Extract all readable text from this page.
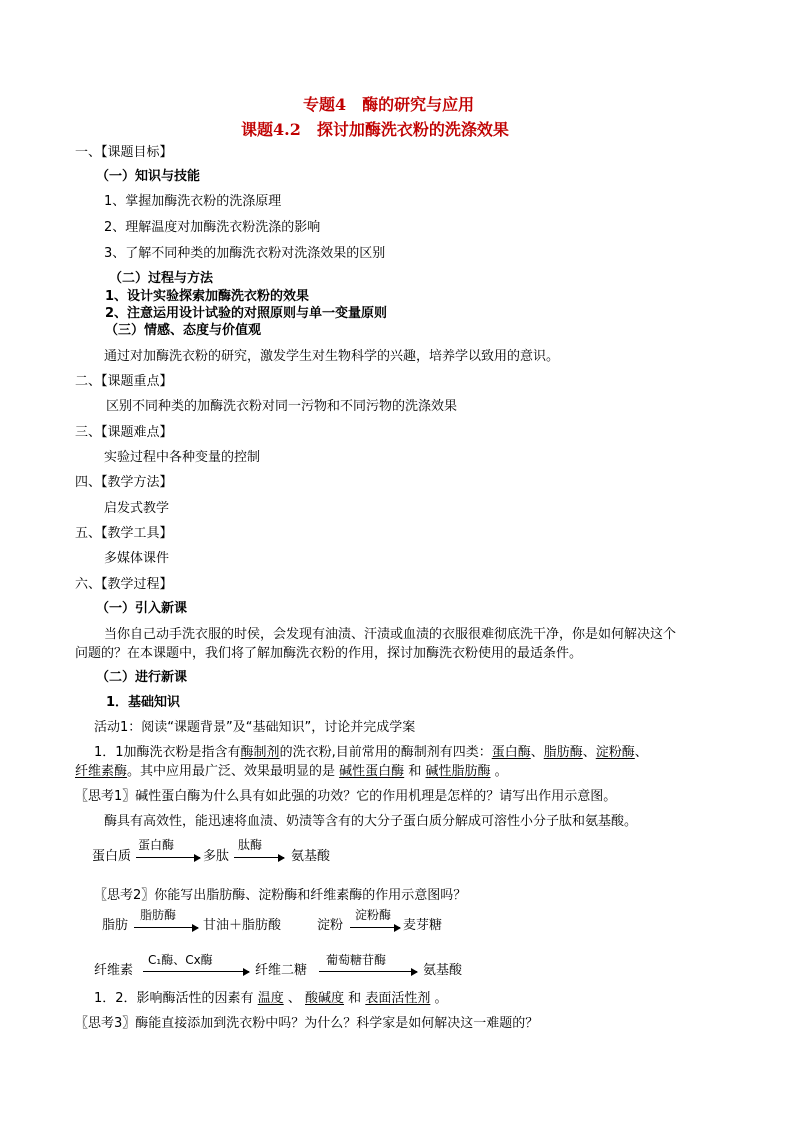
专题4　酶的研究与应用
课题4.2　探讨加酶洗衣粉的洗涤效果
一、【课题目标】
（一）知识与技能
1、掌握加酶洗衣粉的洗涤原理
2、理解温度对加酶洗衣粉洗涤的影响
3、了解不同种类的加酶洗衣粉对洗涤效果的区别
（二）过程与方法
1、设计实验探索加酶洗衣粉的效果
2、注意运用设计试验的对照原则与单一变量原则
（三）情感、态度与价值观
通过对加酶洗衣粉的研究，激发学生对生物科学的兴趣，培养学以致用的意识。
二、【课题重点】
区别不同种类的加酶洗衣粉对同一污物和不同污物的洗涤效果
三、【课题难点】
实验过程中各种变量的控制
四、【教学方法】
启发式教学
五、【教学工具】
多媒体课件
六、【教学过程】
（一）引入新课
当你自己动手洗衣服的时侯，会发现有油渍、汗渍或血渍的衣服很难彻底洗干净，你是如何解决这个
问题的？在本课题中，我们将了解加酶洗衣粉的作用，探讨加酶洗衣粉使用的最适条件。
（二）进行新课
1．基础知识
活动1：阅读“课题背景”及“基础知识”，讨论并完成学案
1．1加酶洗衣粉是指含有酶制剂的洗衣粉,目前常用的酶制剂有四类：蛋白酶、脂肪酶、淀粉酶、
纤维素酶。其中应用最广泛、效果最明显的是 碱性蛋白酶 和 碱性脂肪酶 。
〖思考1〗碱性蛋白酶为什么具有如此强的功效？它的作用机理是怎样的？请写出作用示意图。
酶具有高效性，能迅速将血渍、奶渍等含有的大分子蛋白质分解成可溶性小分子肽和氨基酸。
蛋白质
蛋白酶
多肽
肽酶
→ 氨基酸
〖思考2〗你能写出脂肪酶、淀粉酶和纤维素酶的作用示意图吗？
脂肪
脂肪酶
甘油＋脂肪酸	淀粉
淀粉酶
→ 麦芽糖
纤维素
C₁酶、Cx酶
纤维二糖
葡萄糖苷酶
氨基酸
1．2．影响酶活性的因素有 温度 、 酸碱度 和 表面活性剂 。
〖思考3〗酶能直接添加到洗衣粉中吗？为什么？科学家是如何解决这一难题的？
